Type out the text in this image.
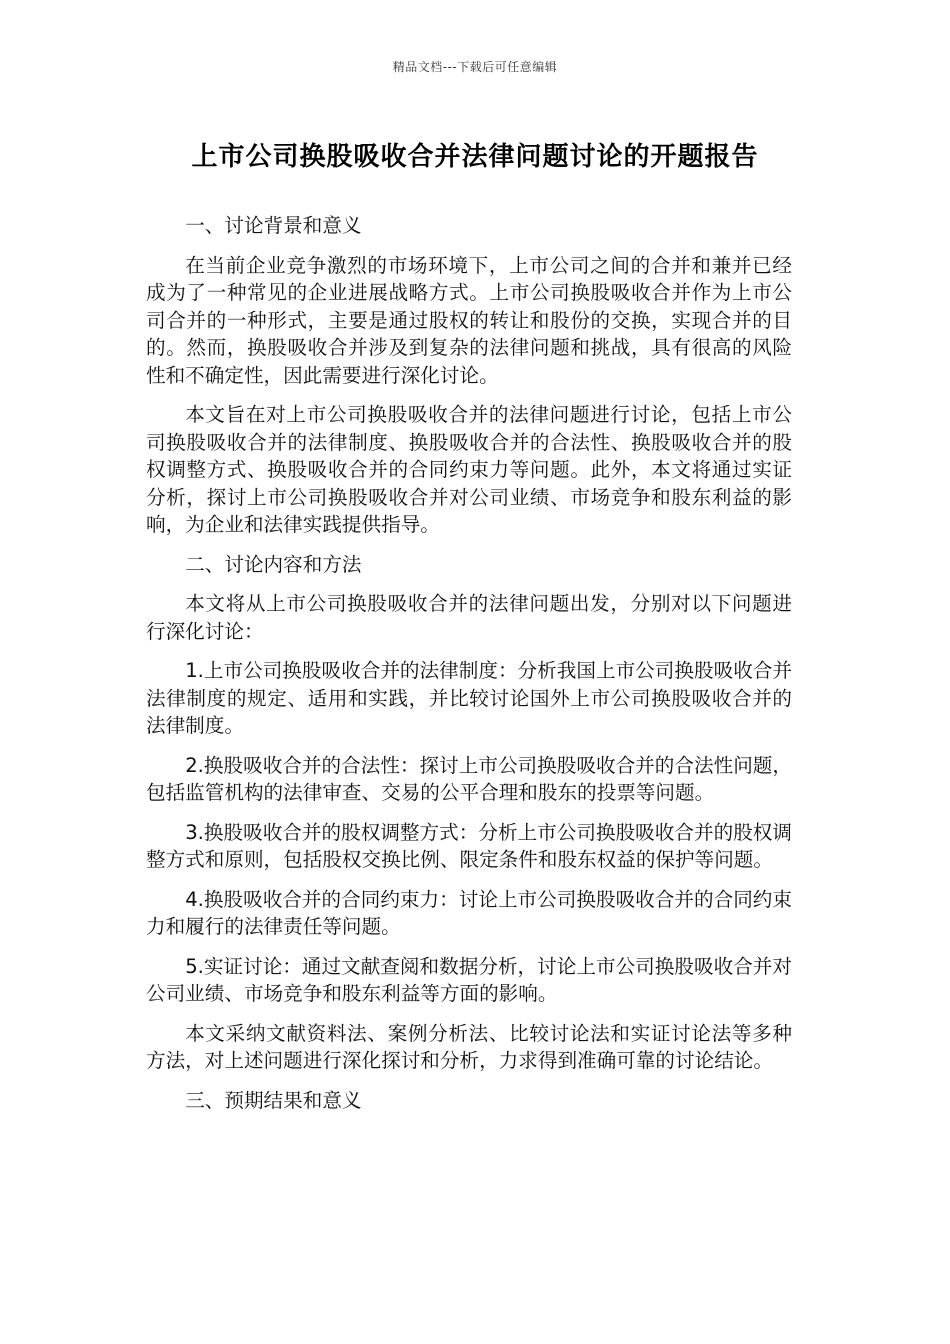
精品文档---下载后可任意编辑
上市公司换股吸收合并法律问题讨论的开题报告

一、讨论背景和意义

在当前企业竞争激烈的市场环境下，上市公司之间的合并和兼并已经成为了一种常见的企业进展战略方式。上市公司换股吸收合并作为上市公司合并的一种形式，主要是通过股权的转让和股份的交换，实现合并的目的。然而，换股吸收合并涉及到复杂的法律问题和挑战，具有很高的风险性和不确定性，因此需要进行深化讨论。

本文旨在对上市公司换股吸收合并的法律问题进行讨论，包括上市公司换股吸收合并的法律制度、换股吸收合并的合法性、换股吸收合并的股权调整方式、换股吸收合并的合同约束力等问题。此外，本文将通过实证分析，探讨上市公司换股吸收合并对公司业绩、市场竞争和股东利益的影响，为企业和法律实践提供指导。

二、讨论内容和方法

本文将从上市公司换股吸收合并的法律问题出发，分别对以下问题进行深化讨论：

1.上市公司换股吸收合并的法律制度：分析我国上市公司换股吸收合并法律制度的规定、适用和实践，并比较讨论国外上市公司换股吸收合并的法律制度。

2.换股吸收合并的合法性：探讨上市公司换股吸收合并的合法性问题，包括监管机构的法律审查、交易的公平合理和股东的投票等问题。

3.换股吸收合并的股权调整方式：分析上市公司换股吸收合并的股权调整方式和原则，包括股权交换比例、限定条件和股东权益的保护等问题。

4.换股吸收合并的合同约束力：讨论上市公司换股吸收合并的合同约束力和履行的法律责任等问题。

5.实证讨论：通过文献查阅和数据分析，讨论上市公司换股吸收合并对公司业绩、市场竞争和股东利益等方面的影响。

本文采纳文献资料法、案例分析法、比较讨论法和实证讨论法等多种方法，对上述问题进行深化探讨和分析，力求得到准确可靠的讨论结论。

三、预期结果和意义
